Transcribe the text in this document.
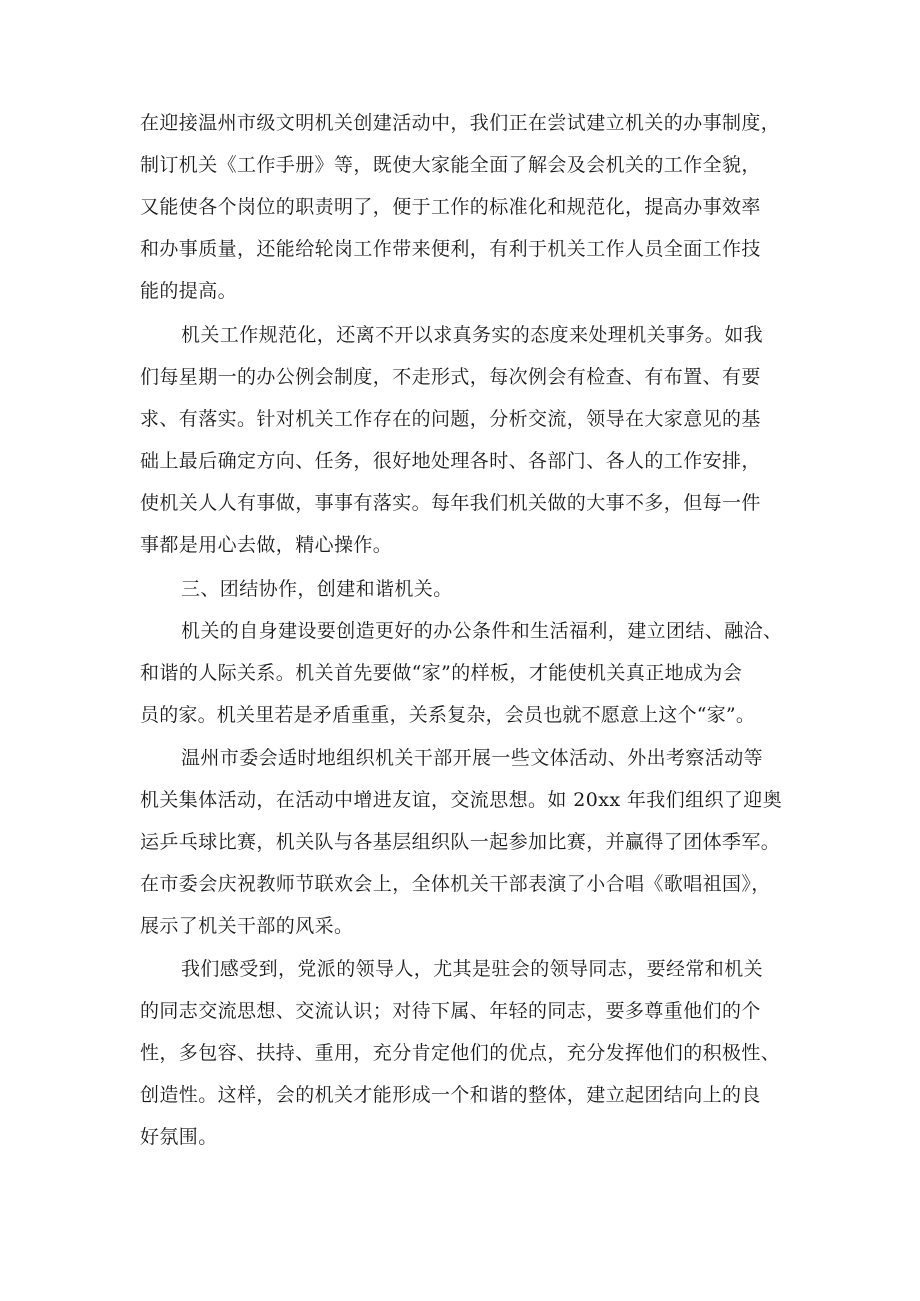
在迎接温州市级文明机关创建活动中，我们正在尝试建立机关的办事制度，
制订机关《工作手册》等，既使大家能全面了解会及会机关的工作全貌，
又能使各个岗位的职责明了，便于工作的标准化和规范化，提高办事效率
和办事质量，还能给轮岗工作带来便利，有利于机关工作人员全面工作技
能的提高。
机关工作规范化，还离不开以求真务实的态度来处理机关事务。如我
们每星期一的办公例会制度，不走形式，每次例会有检查、有布置、有要
求、有落实。针对机关工作存在的问题，分析交流，领导在大家意见的基
础上最后确定方向、任务，很好地处理各时、各部门、各人的工作安排，
使机关人人有事做，事事有落实。每年我们机关做的大事不多，但每一件
事都是用心去做，精心操作。
三、团结协作，创建和谐机关。
机关的自身建设要创造更好的办公条件和生活福利，建立团结、融洽、
和谐的人际关系。机关首先要做“家”的样板，才能使机关真正地成为会
员的家。机关里若是矛盾重重，关系复杂，会员也就不愿意上这个“家”。
温州市委会适时地组织机关干部开展一些文体活动、外出考察活动等
机关集体活动，在活动中增进友谊，交流思想。如 20xx 年我们组织了迎奥
运乒乓球比赛，机关队与各基层组织队一起参加比赛，并赢得了团体季军。
在市委会庆祝教师节联欢会上，全体机关干部表演了小合唱《歌唱祖国》，
展示了机关干部的风采。
我们感受到，党派的领导人，尤其是驻会的领导同志，要经常和机关
的同志交流思想、交流认识；对待下属、年轻的同志，要多尊重他们的个
性，多包容、扶持、重用，充分肯定他们的优点，充分发挥他们的积极性、
创造性。这样，会的机关才能形成一个和谐的整体，建立起团结向上的良
好氛围。
